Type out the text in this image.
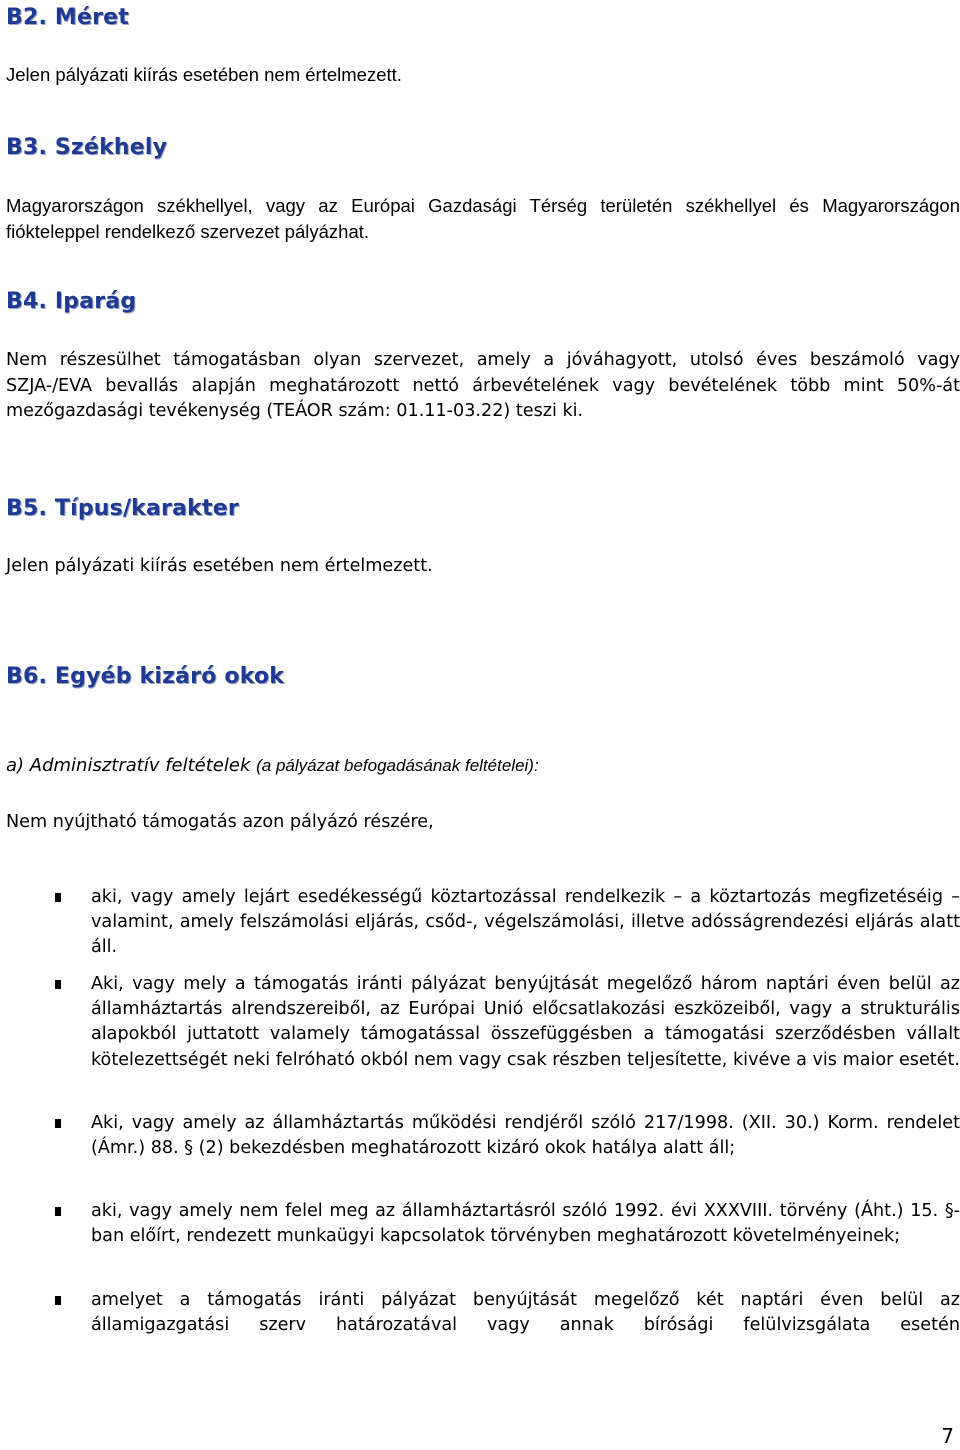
B2. Méret

Jelen pályázati kiírás esetében nem értelmezett.

B3. Székhely

Magyarországon székhellyel, vagy az Európai Gazdasági Térség területén székhellyel és Magyarországon fiókteleppel rendelkező szervezet pályázhat.

B4. Iparág

Nem részesülhet támogatásban olyan szervezet, amely a jóváhagyott, utolsó éves beszámoló vagy SZJA-/EVA bevallás alapján meghatározott nettó árbevételének vagy bevételének több mint 50%-át mezőgazdasági tevékenység (TEÁOR szám: 01.11-03.22) teszi ki.

B5. Típus/karakter

Jelen pályázati kiírás esetében nem értelmezett.

B6. Egyéb kizáró okok

a) Adminisztratív feltételek (a pályázat befogadásának feltételei):

Nem nyújtható támogatás azon pályázó részére,

aki, vagy amely lejárt esedékességű köztartozással rendelkezik – a köztartozás megfizetéséig – valamint, amely felszámolási eljárás, csőd-, végelszámolási, illetve adósságrendezési eljárás alatt áll.

Aki, vagy mely a támogatás iránti pályázat benyújtását megelőző három naptári éven belül az államháztartás alrendszereiből, az Európai Unió előcsatlakozási eszközeiből, vagy a strukturális alapokból juttatott valamely támogatással összefüggésben a támogatási szerződésben vállalt kötelezettségét neki felróható okból nem vagy csak részben teljesítette, kivéve a vis maior esetét.

Aki, vagy amely az államháztartás működési rendjéről szóló 217/1998. (XII. 30.) Korm. rendelet (Ámr.) 88. § (2) bekezdésben meghatározott kizáró okok hatálya alatt áll;

aki, vagy amely nem felel meg az államháztartásról szóló 1992. évi XXXVIII. törvény (Áht.) 15. §-ban előírt, rendezett munkaügyi kapcsolatok törvényben meghatározott követelményeinek;

amelyet a támogatás iránti pályázat benyújtását megelőző két naptári éven belül az államigazgatási szerv határozatával vagy annak bírósági felülvizsgálata esetén

7
